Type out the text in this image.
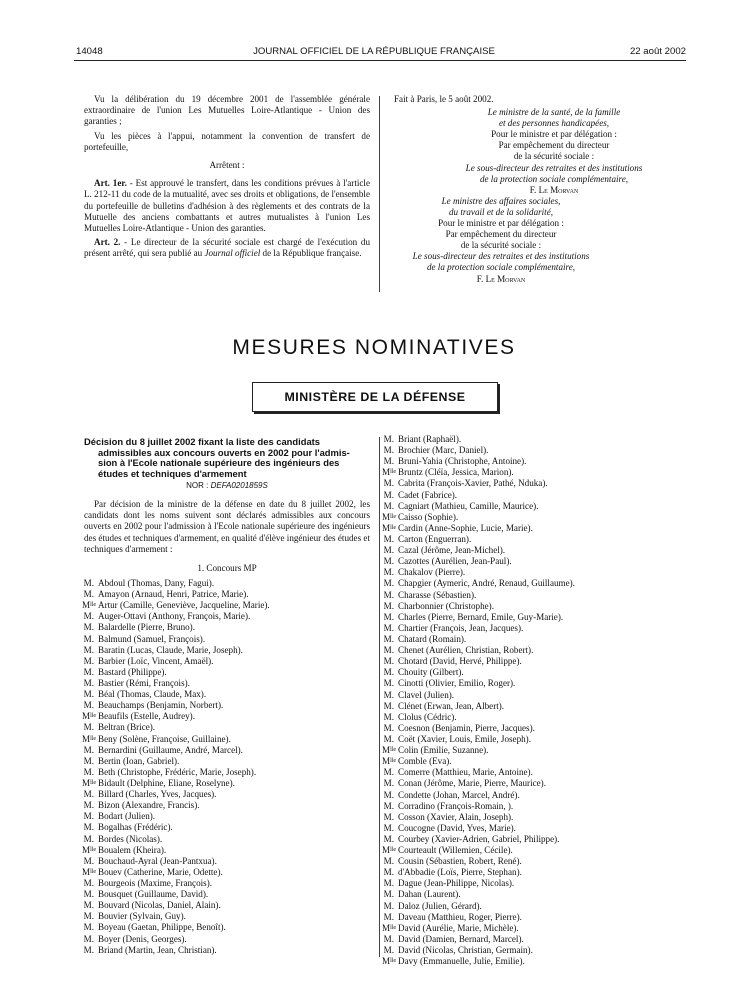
14048	JOURNAL OFFICIEL DE LA RÉPUBLIQUE FRANÇAISE	22 août 2002

Vu la délibération du 19 décembre 2001 de l'assemblée générale extraordinaire de l'union Les Mutuelles Loire-Atlantique - Union des garanties ;

Vu les pièces à l'appui, notamment la convention de transfert de portefeuille,

Arrêtent :

Art. 1er. - Est approuvé le transfert, dans les conditions prévues à l'article L. 212-11 du code de la mutualité, avec ses droits et obligations, de l'ensemble du portefeuille de bulletins d'adhésion à des règlements et des contrats de la Mutuelle des anciens combattants et autres mutualistes à l'union Les Mutuelles Loire-Atlantique - Union des garanties.

Art. 2. - Le directeur de la sécurité sociale est chargé de l'exécution du présent arrêté, qui sera publié au Journal officiel de la République française.

Fait à Paris, le 5 août 2002.
Le ministre de la santé, de la famille
et des personnes handicapées,
Pour le ministre et par délégation :
Par empêchement du directeur
de la sécurité sociale :
Le sous-directeur des retraites et des institutions
de la protection sociale complémentaire,
F. Le Morvan
Le ministre des affaires sociales,
du travail et de la solidarité,
Pour le ministre et par délégation :
Par empêchement du directeur
de la sécurité sociale :
Le sous-directeur des retraites et des institutions
de la protection sociale complémentaire,
F. Le Morvan
MESURES NOMINATIVES
MINISTÈRE DE LA DÉFENSE
Décision du 8 juillet 2002 fixant la liste des candidats
admissibles aux concours ouverts en 2002 pour l'admis-
sion à l'Ecole nationale supérieure des ingénieurs des
études et techniques d'armement
NOR : DEFA0201859S
Par décision de la ministre de la défense en date du 8 juillet 2002, les candidats dont les noms suivent sont déclarés admissibles aux concours ouverts en 2002 pour l'admission à l'Ecole nationale supérieure des ingénieurs des études et techniques d'armement, en qualité d'élève ingénieur des études et techniques d'armement :
1. Concours MP
M. Abdoul (Thomas, Dany, Fagui).
M. Amayon (Arnaud, Henri, Patrice, Marie).
$M^{lle}$ Artur (Camille, Geneviève, Jacqueline, Marie).
M. Auger-Ottavi (Anthony, François, Marie).
M. Balardelle (Pierre, Bruno).
M. Balmund (Samuel, François).
M. Baratin (Lucas, Claude, Marie, Joseph).
M. Barbier (Loïc, Vincent, Amaël).
M. Bastard (Philippe).
M. Bastier (Rémi, François).
M. Béal (Thomas, Claude, Max).
M. Beauchamps (Benjamin, Norbert).
$M^{lle}$ Beaufils (Estelle, Audrey).
M. Beltran (Brice).
$M^{lle}$ Beny (Solène, Françoise, Guillaine).
M. Bernardini (Guillaume, André, Marcel).
M. Bertin (Ioan, Gabriel).
M. Beth (Christophe, Frédéric, Marie, Joseph).
$M^{lle}$ Bidault (Delphine, Eliane, Roselyne).
M. Billard (Charles, Yves, Jacques).
M. Bizon (Alexandre, Francis).
M. Bodart (Julien).
M. Bogalhas (Frédéric).
M. Bordes (Nicolas).
$M^{lle}$ Boualem (Kheira).
M. Bouchaud-Ayral (Jean-Pantxua).
$M^{lle}$ Bouev (Catherine, Marie, Odette).
M. Bourgeois (Maxime, François).
M. Bousquet (Guillaume, David).
M. Bouvard (Nicolas, Daniel, Alain).
M. Bouvier (Sylvain, Guy).
M. Boyeau (Gaetan, Philippe, Benoît).
M. Boyer (Denis, Georges).
M. Briand (Martin, Jean, Christian).
M. Briant (Raphaël).
M. Brochier (Marc, Daniel).
M. Bruni-Yahia (Christophe, Antoine).
$M^{lle}$ Bruntz (Cléïa, Jessica, Marion).
M. Cabrita (François-Xavier, Pathé, Nduka).
M. Cadet (Fabrice).
M. Cagniart (Mathieu, Camille, Maurice).
$M^{lle}$ Caisso (Sophie).
$M^{lle}$ Cardin (Anne-Sophie, Lucie, Marie).
M. Carton (Enguerran).
M. Cazal (Jérôme, Jean-Michel).
M. Cazottes (Aurélien, Jean-Paul).
M. Chakalov (Pierre).
M. Chapgier (Aymeric, André, Renaud, Guillaume).
M. Charasse (Sébastien).
M. Charbonnier (Christophe).
M. Charles (Pierre, Bernard, Emile, Guy-Marie).
M. Chartier (François, Jean, Jacques).
M. Chatard (Romain).
M. Chenet (Aurélien, Christian, Robert).
M. Chotard (David, Hervé, Philippe).
M. Chouity (Gilbert).
M. Cinotti (Olivier, Emilio, Roger).
M. Clavel (Julien).
M. Clénet (Erwan, Jean, Albert).
M. Clolus (Cédric).
M. Coesnon (Benjamin, Pierre, Jacques).
M. Coët (Xavier, Louis, Emile, Joseph).
$M^{lle}$ Colin (Emilie, Suzanne).
$M^{lle}$ Comble (Eva).
M. Comerre (Matthieu, Marie, Antoine).
M. Conan (Jérôme, Marie, Pierre, Maurice).
M. Condette (Johan, Marcel, André).
M. Corradino (François-Romain, ).
M. Cosson (Xavier, Alain, Joseph).
M. Coucogne (David, Yves, Marie).
M. Courbey (Xavier-Adrien, Gabriel, Philippe).
$M^{lle}$ Courteault (Willemien, Cécile).
M. Cousin (Sébastien, Robert, René).
M. d'Abbadie (Loïs, Pierre, Stephan).
M. Dague (Jean-Philippe, Nicolas).
M. Dahan (Laurent).
M. Daloz (Julien, Gérard).
M. Daveau (Matthieu, Roger, Pierre).
$M^{lle}$ David (Aurélie, Marie, Michèle).
M. David (Damien, Bernard, Marcel).
M. David (Nicolas, Christian, Germain).
$M^{lle}$ Davy (Emmanuelle, Julie, Emilie).
